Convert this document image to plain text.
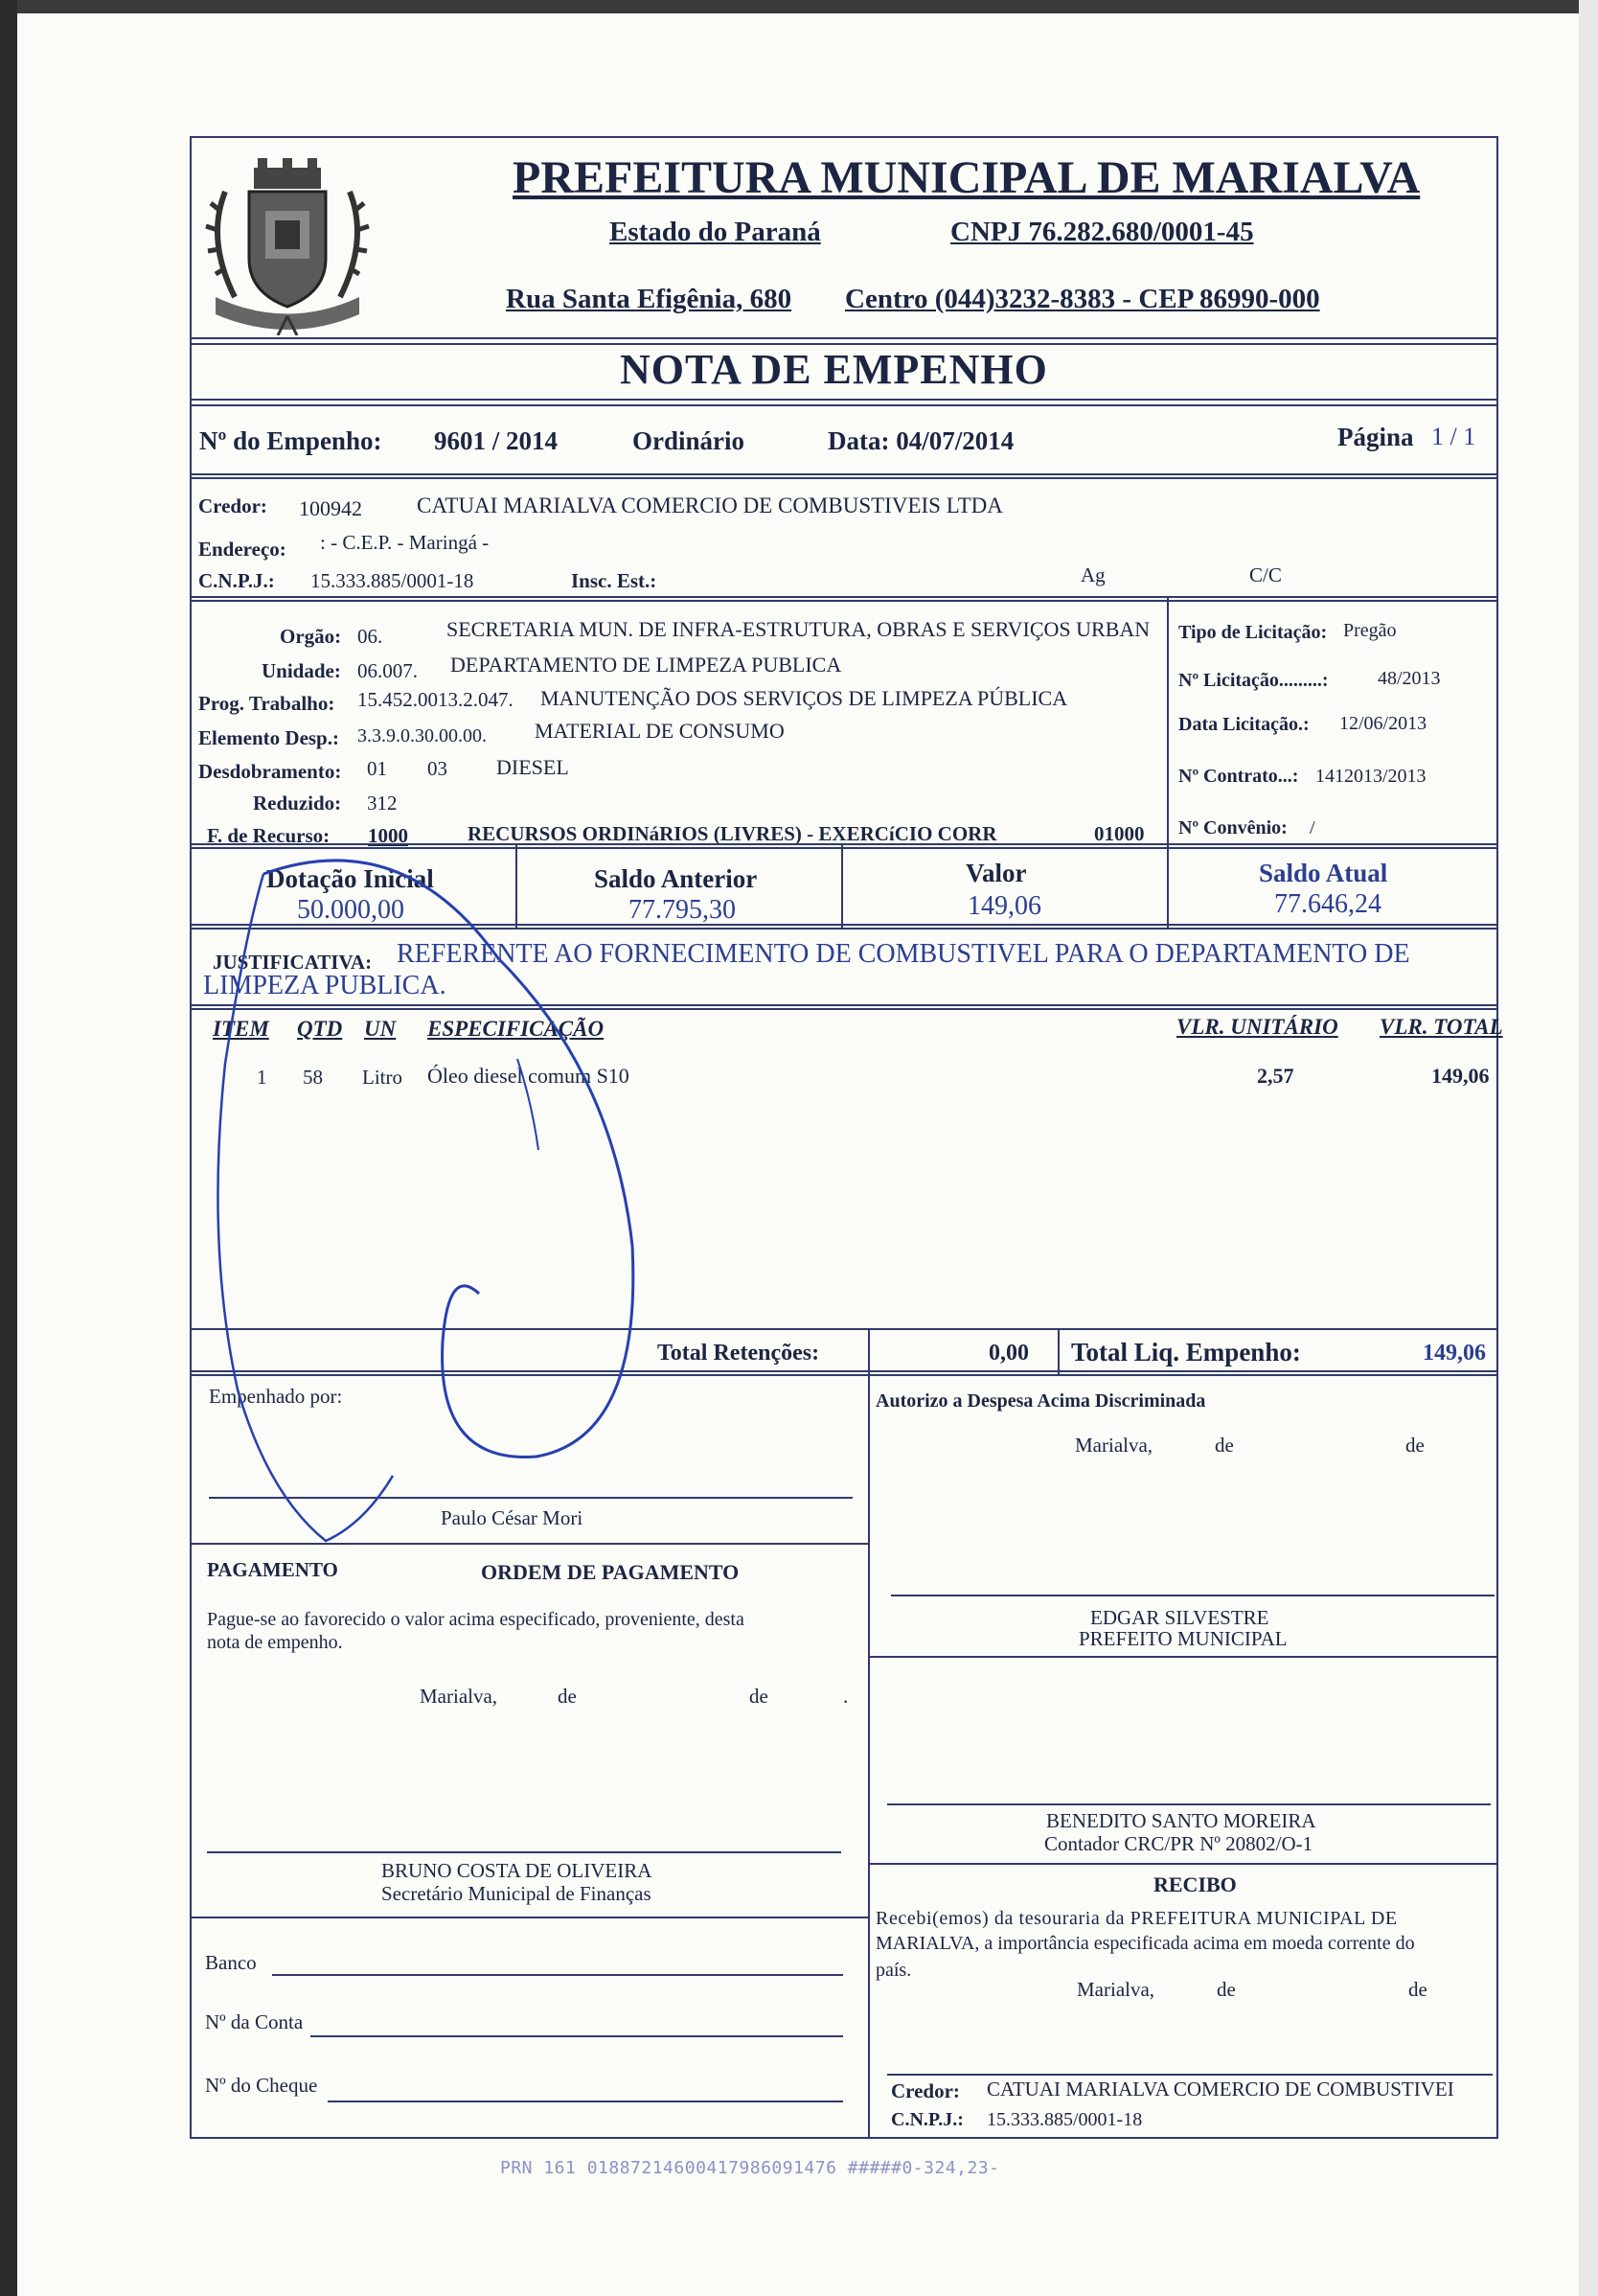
PREFEITURA MUNICIPAL DE MARIALVA
Estado do Paraná	CNPJ 76.282.680/0001-45
Rua Santa Efigênia, 680 Centro (044)3232-8383 - CEP 86990-000
NOTA DE EMPENHO
Nº do Empenho: 9601 / 2014	Ordinário	Data: 04/07/2014	Página 1 / 1
Credor: 100942 CATUAI MARIALVA COMERCIO DE COMBUSTIVEIS LTDA
Endereço: : - C.E.P. - Maringá -
C.N.P.J.: 15.333.885/0001-18	Insc. Est.:	Ag	C/C
Orgão: 06.	SECRETARIA MUN. DE INFRA-ESTRUTURA, OBRAS E SERVIÇOS URBAN
Unidade: 06.007. DEPARTAMENTO DE LIMPEZA PUBLICA
Prog. Trabalho: 15.452.0013.2.047. MANUTENÇÃO DOS SERVIÇOS DE LIMPEZA PÚBLICA
Elemento Desp.: 3.3.9.0.30.00.00. MATERIAL DE CONSUMO
Desdobramento: 01 03 DIESEL
Reduzido: 312
F. de Recurso: 1000	RECURSOS ORDINáRIOS (LIVRES) - EXERCíCIO CORR	01000
Tipo de Licitação: Pregão
Nº Licitação.........:	48/2013
Data Licitação.: 12/06/2013
Nº Contrato...: 1412013/2013
Nº Convênio: /
Dotação Inicial
50.000,00
Saldo Anterior
77.795,30
Valor
149,06
Saldo Atual
77.646,24
JUSTIFICATIVA: REFERENTE AO FORNECIMENTO DE COMBUSTIVEL PARA O DEPARTAMENTO DE
LIMPEZA PUBLICA.
ITEM QTD UN ESPECIFICAÇÃO	VLR. UNITÁRIO VLR. TOTAL
1 58 Litro Óleo diesel comum S10	2,57	149,06
Total Retenções:	0,00 Total Liq. Empenho:	149,06
Empenhado por:
Paulo César Mori
Autorizo a Despesa Acima Discriminada
Marialva,	de	de
EDGAR SILVESTRE
PREFEITO MUNICIPAL
PAGAMENTO	ORDEM DE PAGAMENTO
Pague-se ao favorecido o valor acima especificado, proveniente, desta
nota de empenho.
Marialva,	de	de	.
BENEDITO SANTO MOREIRA
Contador CRC/PR Nº 20802/O-1
BRUNO COSTA DE OLIVEIRA
Secretário Municipal de Finanças	RECIBO
Recebi(emos) da tesouraria da PREFEITURA MUNICIPAL DE
MARIALVA, a importância especificada acima em moeda corrente do
país.
Marialva,	de	de
Banco
Nº da Conta
Nº do Cheque	Credor: CATUAI MARIALVA COMERCIO DE COMBUSTIVEI
C.N.P.J.: 15.333.885/0001-18
PRN 161 01887214600417986091476 #####0-324,23-
